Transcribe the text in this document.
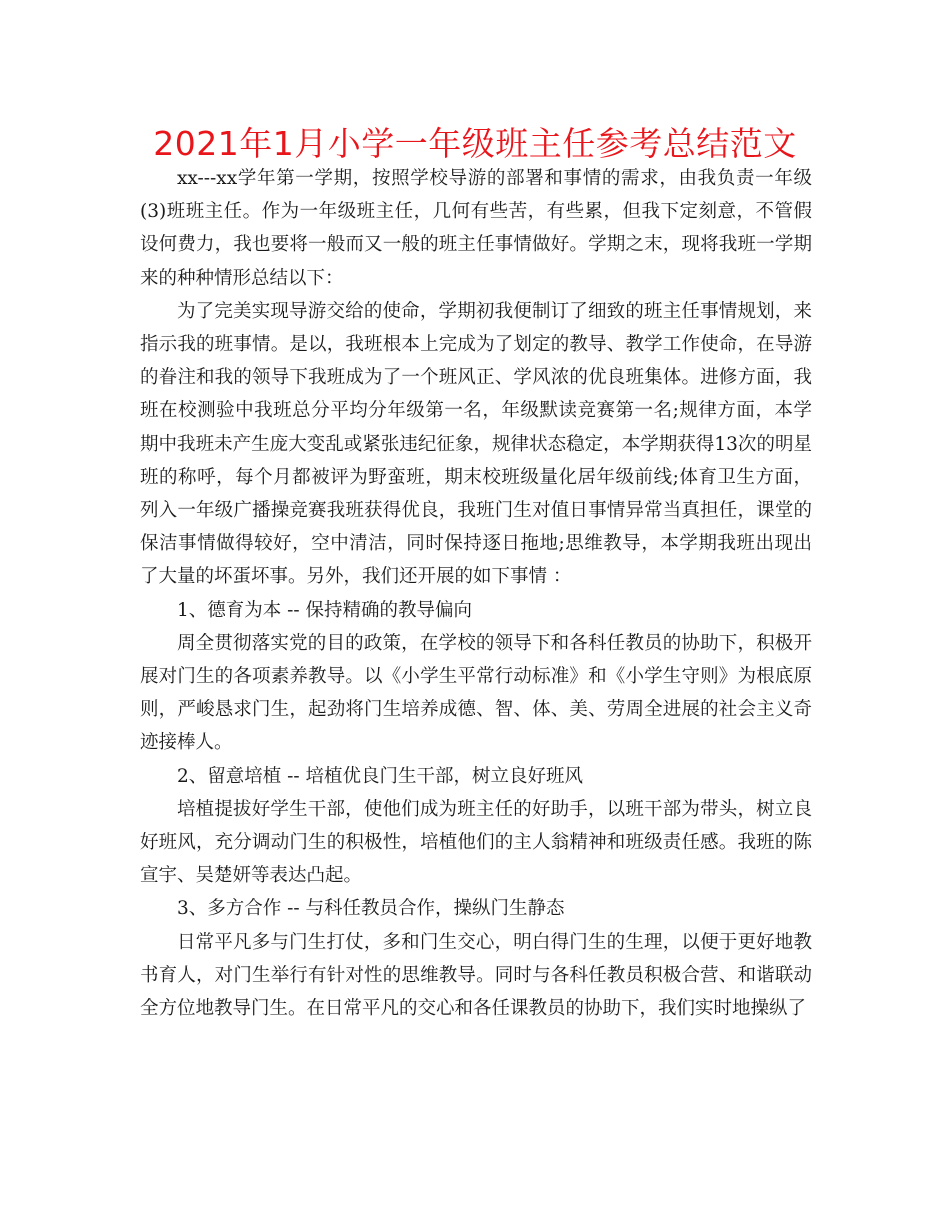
2021年1月小学一年级班主任参考总结范文

xx---xx学年第一学期，按照学校导游的部署和事情的需求，由我负责一年级(3)班班主任。作为一年级班主任，几何有些苦，有些累，但我下定刻意，不管假设何费力，我也要将一般而又一般的班主任事情做好。学期之末，现将我班一学期来的种种情形总结以下：

为了完美实现导游交给的使命，学期初我便制订了细致的班主任事情规划，来指示我的班事情。是以，我班根本上完成为了划定的教导、教学工作使命，在导游的眷注和我的领导下我班成为了一个班风正、学风浓的优良班集体。进修方面，我班在校测验中我班总分平均分年级第一名，年级默读竞赛第一名;规律方面，本学期中我班未产生庞大变乱或紧张违纪征象，规律状态稳定，本学期获得13次的明星班的称呼，每个月都被评为野蛮班，期末校班级量化居年级前线;体育卫生方面，列入一年级广播操竞赛我班获得优良，我班门生对值日事情异常当真担任，课堂的保洁事情做得较好，空中清洁，同时保持逐日拖地;思维教导，本学期我班出现出了大量的坏蛋坏事。另外，我们还开展的如下事情 ：

1、德育为本 -- 保持精确的教导偏向

周全贯彻落实党的目的政策，在学校的领导下和各科任教员的协助下，积极开展对门生的各项素养教导。以《小学生平常行动标准》和《小学生守则》为根底原则，严峻恳求门生，起劲将门生培养成德、智、体、美、劳周全进展的社会主义奇迹接棒人。

2、留意培植 -- 培植优良门生干部，树立良好班风

培植提拔好学生干部，使他们成为班主任的好助手，以班干部为带头，树立良好班风，充分调动门生的积极性，培植他们的主人翁精神和班级责任感。我班的陈宣宇、吴楚妍等表达凸起。

3、多方合作 -- 与科任教员合作，操纵门生静态

日常平凡多与门生打仗，多和门生交心，明白得门生的生理，以便于更好地教书育人，对门生举行有针对性的思维教导。同时与各科任教员积极合营、和谐联动全方位地教导门生。在日常平凡的交心和各任课教员的协助下，我们实时地操纵了
